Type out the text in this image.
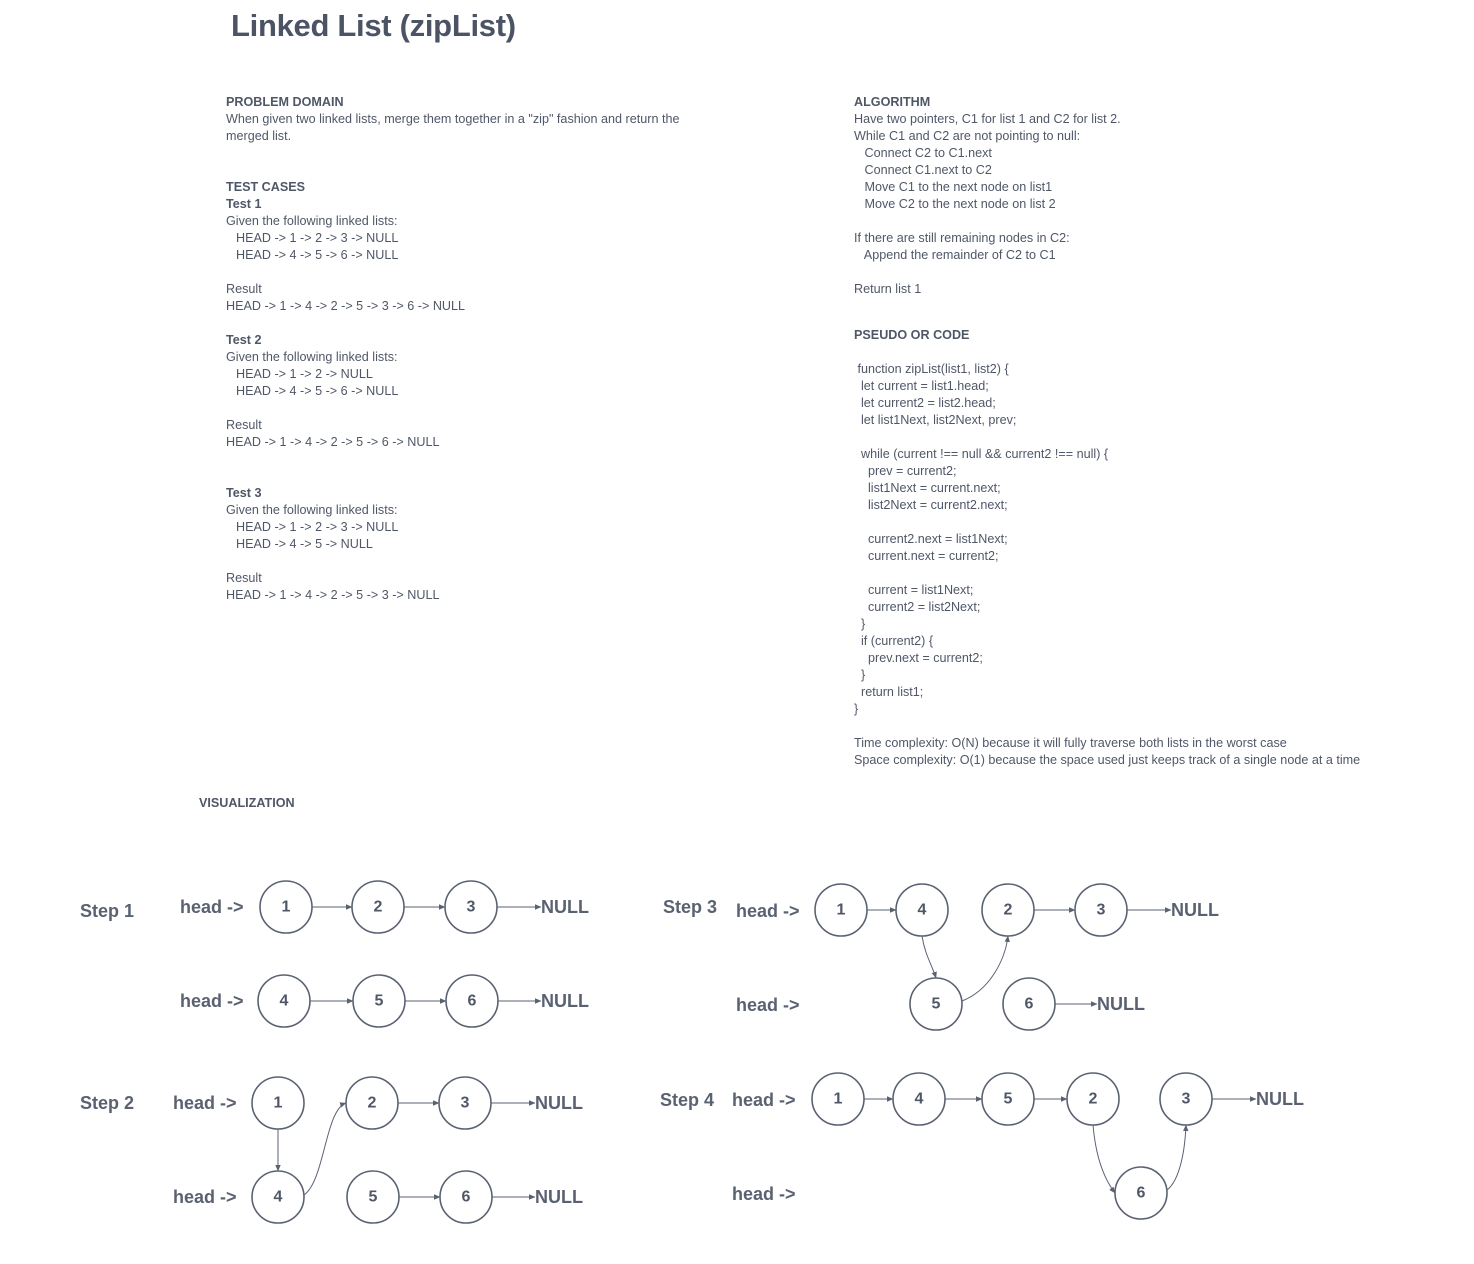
Linked List (zipList)
PROBLEM DOMAIN
When given two linked lists, merge them together in a "zip" fashion and return the
merged list.
TEST CASES
Test 1
Given the following linked lists:
HEAD -> 1 -> 2 -> 3 -> NULL
HEAD -> 4 -> 5 -> 6 -> NULL
Result
HEAD -> 1 -> 4 -> 2 -> 5 -> 3 -> 6 -> NULL
Test 2
Given the following linked lists:
HEAD -> 1 -> 2 -> NULL
HEAD -> 4 -> 5 -> 6 -> NULL
Result
HEAD -> 1 -> 4 -> 2 -> 5 -> 6 -> NULL
Test 3
Given the following linked lists:
HEAD -> 1 -> 2 -> 3 -> NULL
HEAD -> 4 -> 5 -> NULL
Result
HEAD -> 1 -> 4 -> 2 -> 5 -> 3 -> NULL
ALGORITHM
Have two pointers, C1 for list 1 and C2 for list 2.
While C1 and C2 are not pointing to null:
Connect C2 to C1.next
Connect C1.next to C2
Move C1 to the next node on list1
Move C2 to the next node on list 2
If there are still remaining nodes in C2:
Append the remainder of C2 to C1
Return list 1
PSEUDO OR CODE
function zipList(list1, list2) {
let current = list1.head;
let current2 = list2.head;
let list1Next, list2Next, prev;
while (current !== null && current2 !== null) {
prev = current2;
list1Next = current.next;
list2Next = current2.next;
current2.next = list1Next;
current.next = current2;
current = list1Next;
current2 = list2Next;
}
if (current2) {
prev.next = current2;
}
return list1;
}
Time complexity: O(N) because it will fully traverse both lists in the worst case
Space complexity: O(1) because the space used just keeps track of a single node at a time
VISUALIZATION
Step 1	head ->
head ->
1	2	3
4	5	6
NULL
NULL
Step 2 head ->
head ->
1	2	3
4	5	6
NULL
NULL
Step 3 head ->
head ->
1	4	2	3
5	6
NULL
NULL
Step 4 head ->
head ->
1	4	5	2	3
6
NULL
